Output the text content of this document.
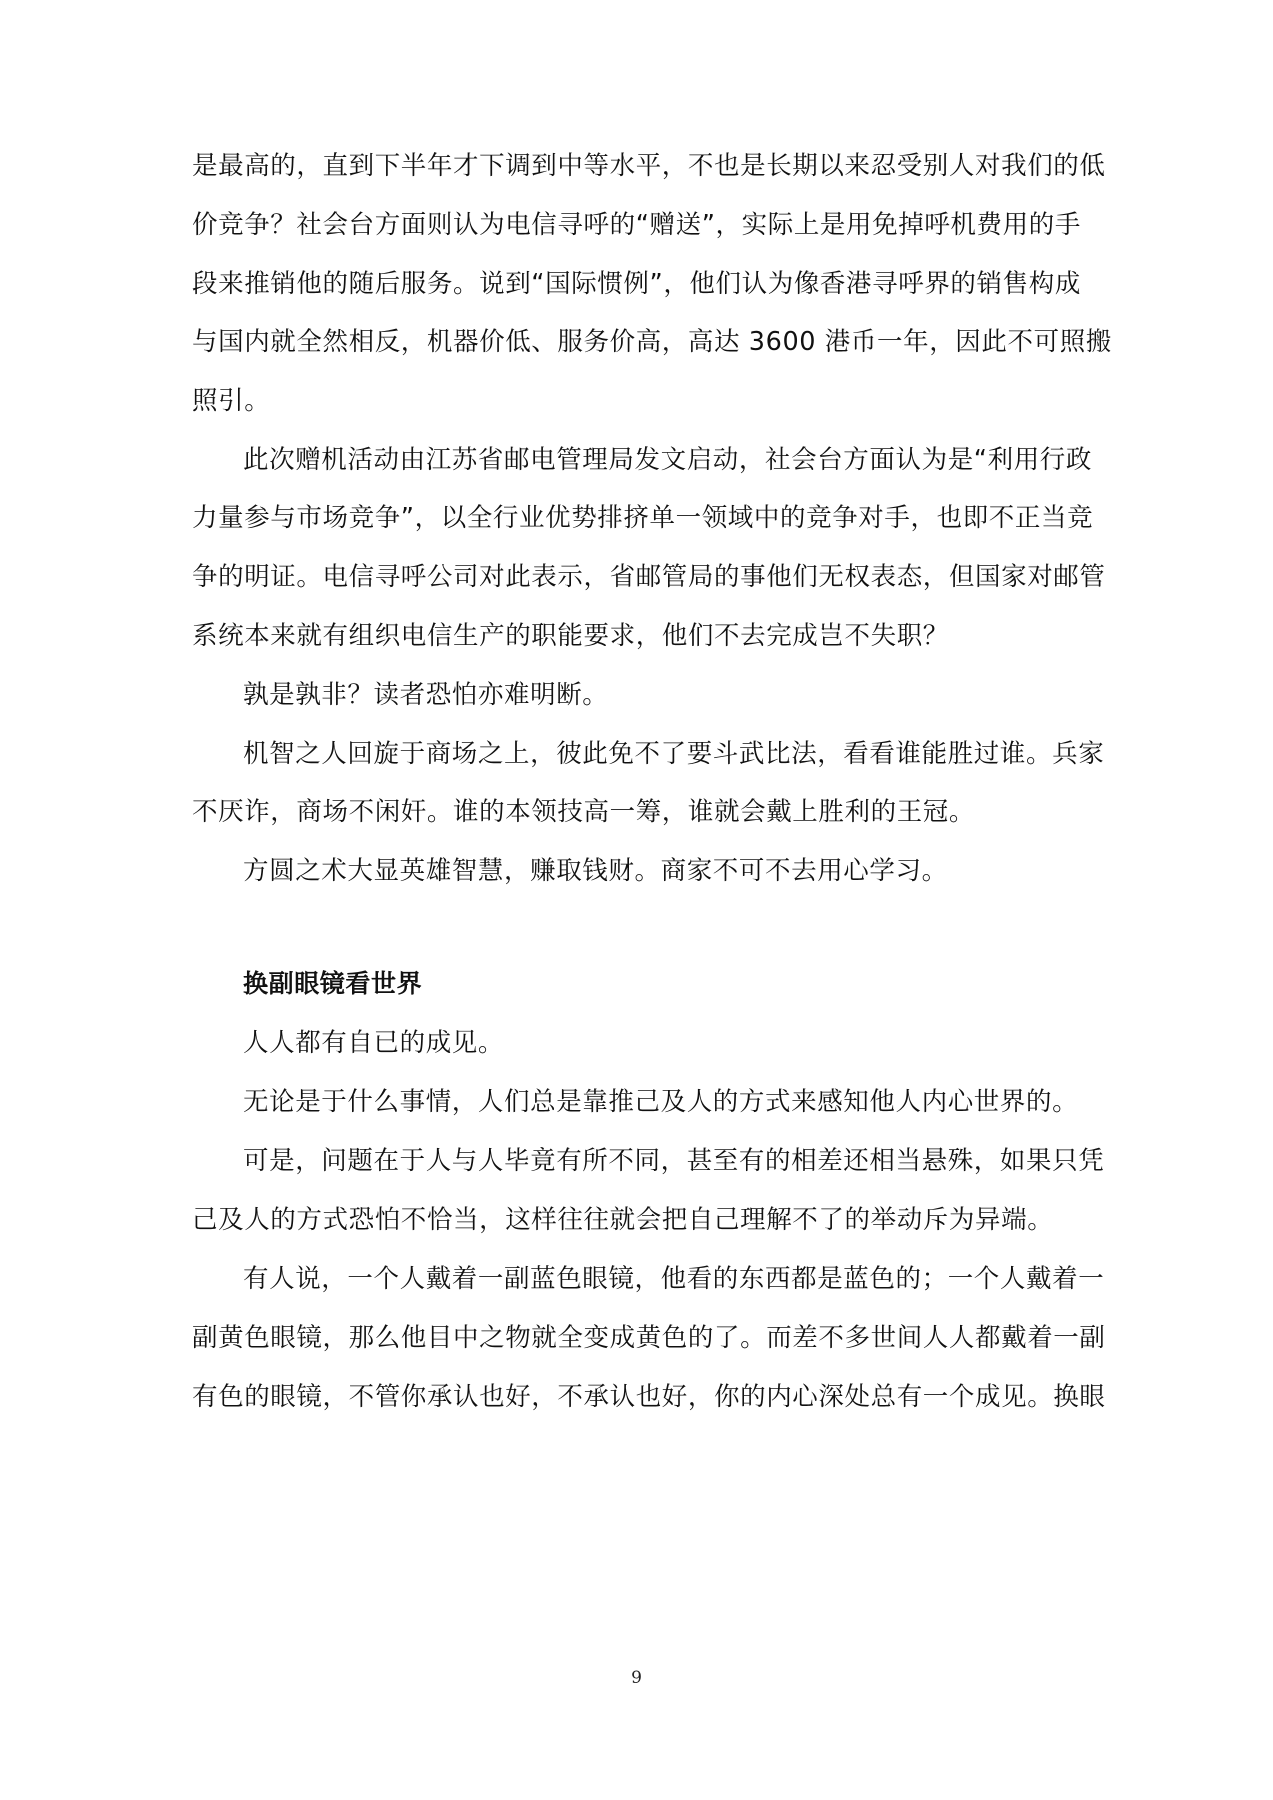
是最高的，直到下半年才下调到中等水平，不也是长期以来忍受别人对我们的低
价竞争？社会台方面则认为电信寻呼的“赠送”，实际上是用免掉呼机费用的手
段来推销他的随后服务。说到“国际惯例”，他们认为像香港寻呼界的销售构成
与国内就全然相反，机器价低、服务价高，高达 3600 港币一年，因此不可照搬
照引。
此次赠机活动由江苏省邮电管理局发文启动，社会台方面认为是“利用行政
力量参与市场竞争”，以全行业优势排挤单一领域中的竞争对手，也即不正当竞
争的明证。电信寻呼公司对此表示，省邮管局的事他们无权表态，但国家对邮管
系统本来就有组织电信生产的职能要求，他们不去完成岂不失职？
孰是孰非？读者恐怕亦难明断。
机智之人回旋于商场之上，彼此免不了要斗武比法，看看谁能胜过谁。兵家
不厌诈，商场不闲奸。谁的本领技高一筹，谁就会戴上胜利的王冠。
方圆之术大显英雄智慧，赚取钱财。商家不可不去用心学习。
换副眼镜看世界
人人都有自已的成见。
无论是于什么事情，人们总是靠推己及人的方式来感知他人内心世界的。
可是，问题在于人与人毕竟有所不同，甚至有的相差还相当悬殊，如果只凭
己及人的方式恐怕不恰当，这样往往就会把自己理解不了的举动斥为异端。
有人说，一个人戴着一副蓝色眼镜，他看的东西都是蓝色的；一个人戴着一
副黄色眼镜，那么他目中之物就全变成黄色的了。而差不多世间人人都戴着一副
有色的眼镜，不管你承认也好，不承认也好，你的内心深处总有一个成见。换眼
9
